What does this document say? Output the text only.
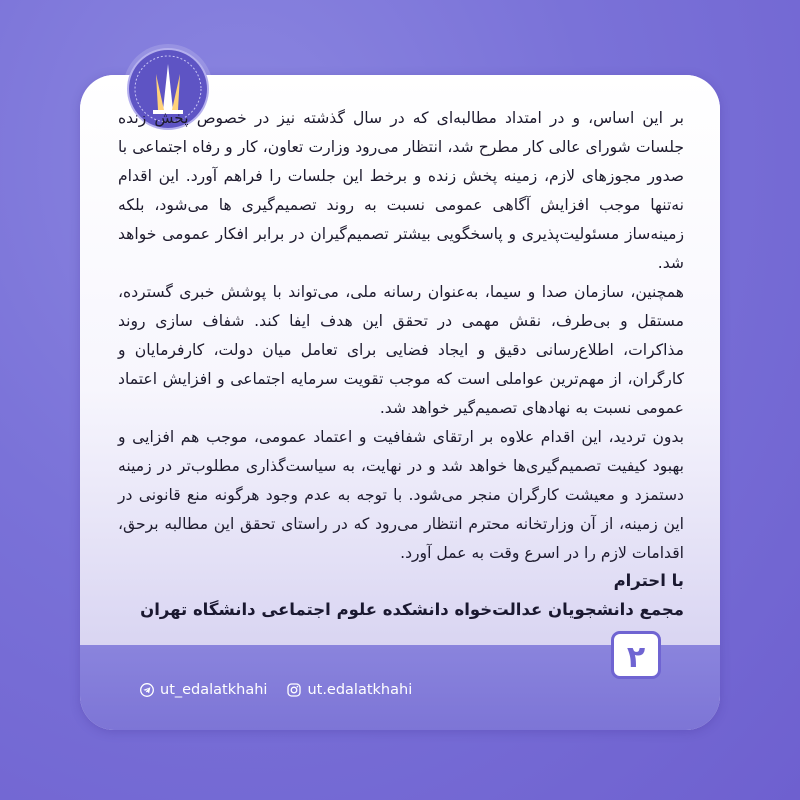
بر این اساس، و در امتداد مطالبه‌ای که در سال گذشته نیز در خصوص پخش زنده جلسات شورای عالی کار مطرح شد، انتظار می‌رود وزارت تعاون، کار و رفاه اجتماعی با صدور مجوزهای لازم، زمینه پخش زنده و برخط این جلسات را فراهم آورد. این اقدام نه‌تنها موجب افزایش آگاهی عمومی نسبت به روند تصمیم‌گیری ها می‌شود، بلکه زمینه‌ساز مسئولیت‌پذیری و پاسخگویی بیشتر تصمیم‌گیران در برابر افکار عمومی خواهد شد.

همچنین، سازمان صدا و سیما، به‌عنوان رسانه ملی، می‌تواند با پوشش خبری گسترده، مستقل و بی‌طرف، نقش مهمی در تحقق این هدف ایفا کند. شفاف سازی روند مذاکرات، اطلاع‌رسانی دقیق و ایجاد فضایی برای تعامل میان دولت، کارفرمایان و کارگران، از مهم‌ترین عواملی است که موجب تقویت سرمایه اجتماعی و افزایش اعتماد عمومی نسبت به نهادهای تصمیم‌گیر خواهد شد.

بدون تردید، این اقدام علاوه بر ارتقای شفافیت و اعتماد عمومی، موجب هم افزایی و بهبود کیفیت تصمیم‌گیری‌ها خواهد شد و در نهایت، به سیاست‌گذاری مطلوب‌تر در زمینه دستمزد و معیشت کارگران منجر می‌شود. با توجه به عدم وجود هرگونه منع قانونی در این زمینه، از آن وزارتخانه محترم انتظار می‌رود که در راستای تحقق این مطالبه برحق، اقدامات لازم را در اسرع وقت به عمل آورد.

با احترام
مجمع دانشجویان عدالت‌خواه دانشکده علوم اجتماعی دانشگاه تهران
۲
ut_edalatkhahi	ut.edalatkhahi
